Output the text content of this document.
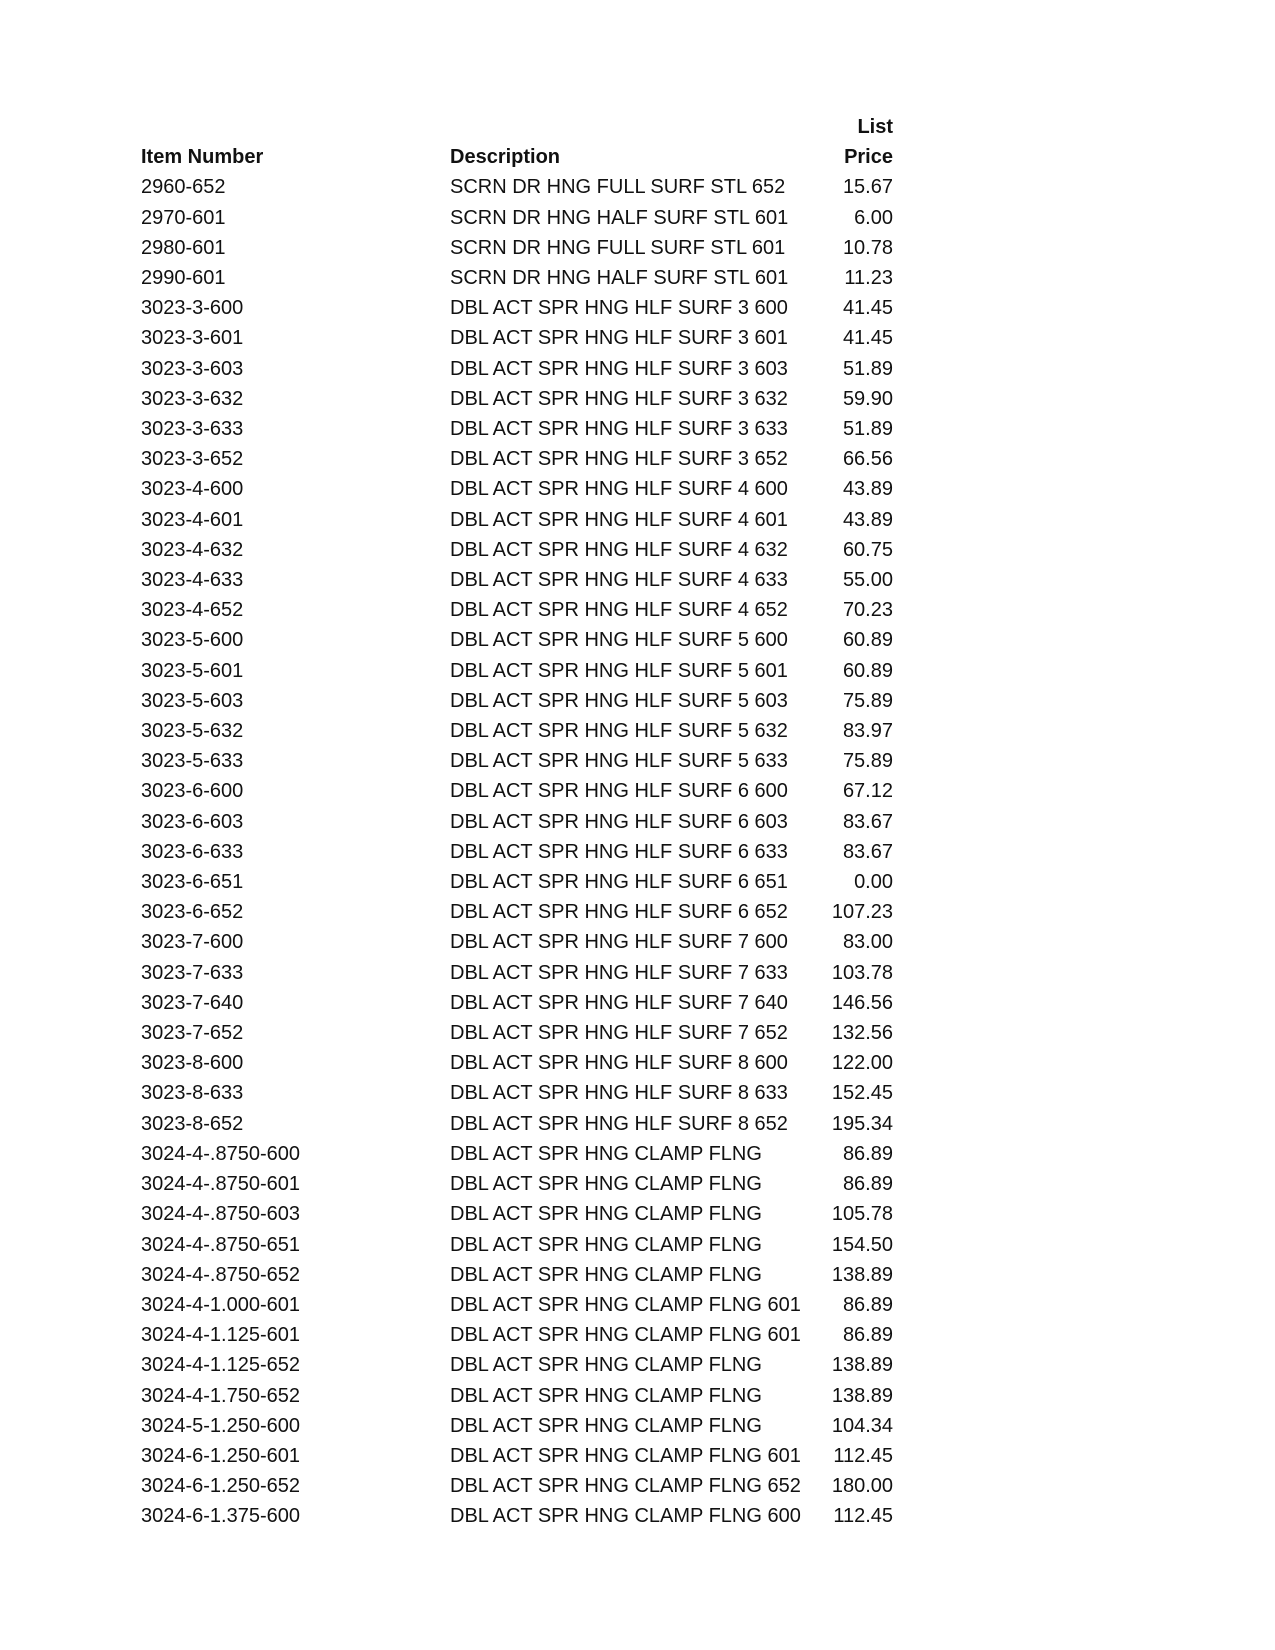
Item Number	Description	List
Price

2960-652	SCRN DR HNG FULL SURF STL 652	15.67
2970-601	SCRN DR HNG HALF SURF STL 601	6.00
2980-601	SCRN DR HNG FULL SURF STL 601	10.78
2990-601	SCRN DR HNG HALF SURF STL 601	11.23
3023-3-600	DBL ACT SPR HNG HLF SURF 3 600	41.45
3023-3-601	DBL ACT SPR HNG HLF SURF 3 601	41.45
3023-3-603	DBL ACT SPR HNG HLF SURF 3 603	51.89
3023-3-632	DBL ACT SPR HNG HLF SURF 3 632	59.90
3023-3-633	DBL ACT SPR HNG HLF SURF 3 633	51.89
3023-3-652	DBL ACT SPR HNG HLF SURF 3 652	66.56
3023-4-600	DBL ACT SPR HNG HLF SURF 4 600	43.89
3023-4-601	DBL ACT SPR HNG HLF SURF 4 601	43.89
3023-4-632	DBL ACT SPR HNG HLF SURF 4 632	60.75
3023-4-633	DBL ACT SPR HNG HLF SURF 4 633	55.00
3023-4-652	DBL ACT SPR HNG HLF SURF 4 652	70.23
3023-5-600	DBL ACT SPR HNG HLF SURF 5 600	60.89
3023-5-601	DBL ACT SPR HNG HLF SURF 5 601	60.89
3023-5-603	DBL ACT SPR HNG HLF SURF 5 603	75.89
3023-5-632	DBL ACT SPR HNG HLF SURF 5 632	83.97
3023-5-633	DBL ACT SPR HNG HLF SURF 5 633	75.89
3023-6-600	DBL ACT SPR HNG HLF SURF 6 600	67.12
3023-6-603	DBL ACT SPR HNG HLF SURF 6 603	83.67
3023-6-633	DBL ACT SPR HNG HLF SURF 6 633	83.67
3023-6-651	DBL ACT SPR HNG HLF SURF 6 651	0.00
3023-6-652	DBL ACT SPR HNG HLF SURF 6 652	107.23
3023-7-600	DBL ACT SPR HNG HLF SURF 7 600	83.00
3023-7-633	DBL ACT SPR HNG HLF SURF 7 633	103.78
3023-7-640	DBL ACT SPR HNG HLF SURF 7 640	146.56
3023-7-652	DBL ACT SPR HNG HLF SURF 7 652	132.56
3023-8-600	DBL ACT SPR HNG HLF SURF 8 600	122.00
3023-8-633	DBL ACT SPR HNG HLF SURF 8 633	152.45
3023-8-652	DBL ACT SPR HNG HLF SURF 8 652	195.34
3024-4-.8750-600	DBL ACT SPR HNG CLAMP FLNG	86.89
3024-4-.8750-601	DBL ACT SPR HNG CLAMP FLNG	86.89
3024-4-.8750-603	DBL ACT SPR HNG CLAMP FLNG	105.78
3024-4-.8750-651	DBL ACT SPR HNG CLAMP FLNG	154.50
3024-4-.8750-652	DBL ACT SPR HNG CLAMP FLNG	138.89
3024-4-1.000-601	DBL ACT SPR HNG CLAMP FLNG 601	86.89
3024-4-1.125-601	DBL ACT SPR HNG CLAMP FLNG 601	86.89
3024-4-1.125-652	DBL ACT SPR HNG CLAMP FLNG	138.89
3024-4-1.750-652	DBL ACT SPR HNG CLAMP FLNG	138.89
3024-5-1.250-600	DBL ACT SPR HNG CLAMP FLNG	104.34
3024-6-1.250-601	DBL ACT SPR HNG CLAMP FLNG 601	112.45
3024-6-1.250-652	DBL ACT SPR HNG CLAMP FLNG 652	180.00
3024-6-1.375-600	DBL ACT SPR HNG CLAMP FLNG 600	112.45
